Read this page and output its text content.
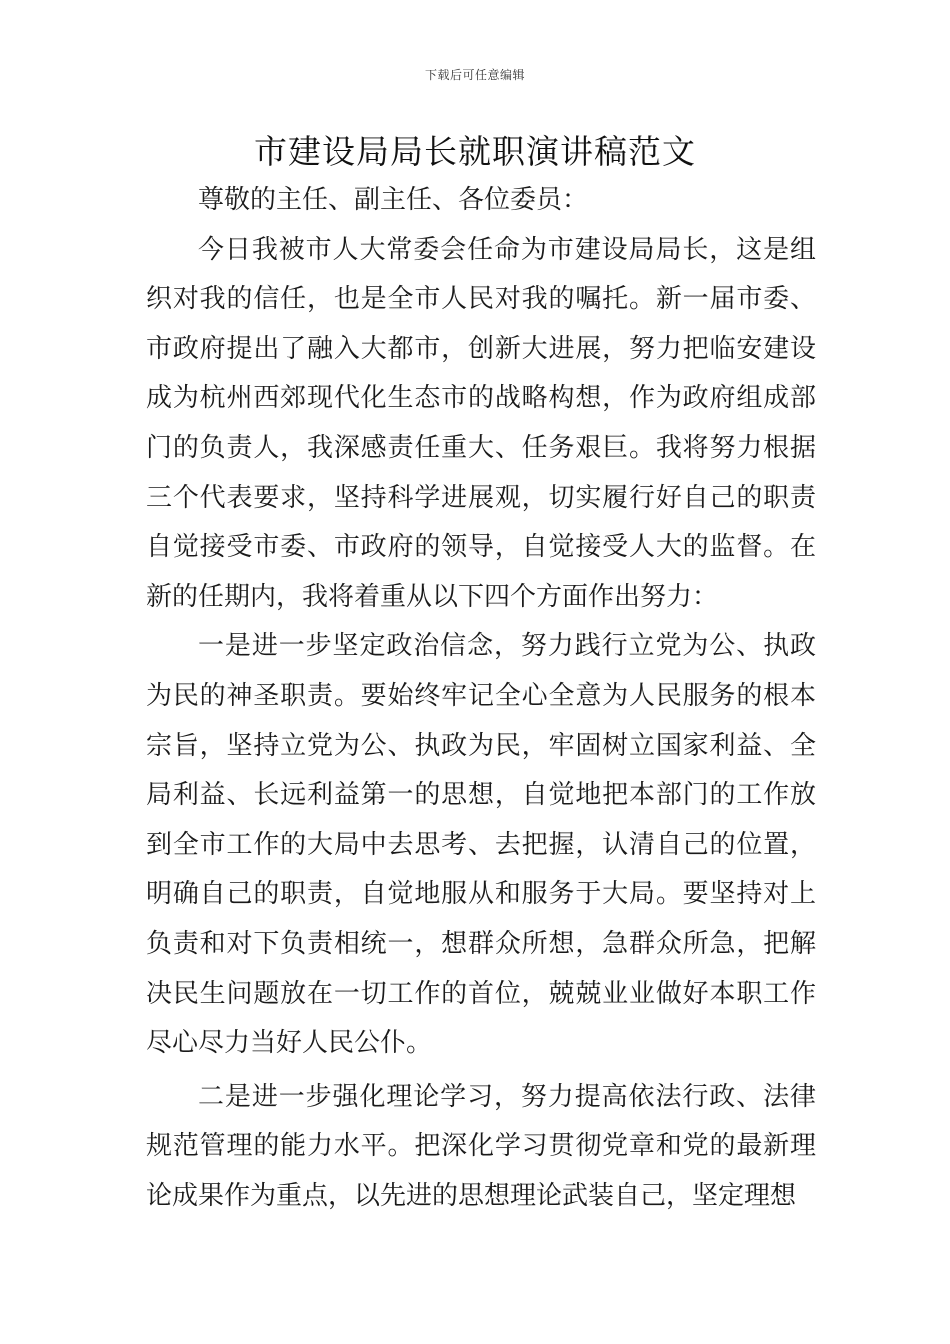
下载后可任意编辑
市建设局局长就职演讲稿范文

尊敬的主任、副主任、各位委员：

今日我被市人大常委会任命为市建设局局长，这是组织对我的信任，也是全市人民对我的嘱托。新一届市委、市政府提出了融入大都市，创新大进展，努力把临安建设成为杭州西郊现代化生态市的战略构想，作为政府组成部门的负责人，我深感责任重大、任务艰巨。我将努力根据三个代表要求，坚持科学进展观，切实履行好自己的职责自觉接受市委、市政府的领导，自觉接受人大的监督。在新的任期内，我将着重从以下四个方面作出努力：

一是进一步坚定政治信念，努力践行立党为公、执政为民的神圣职责。要始终牢记全心全意为人民服务的根本宗旨，坚持立党为公、执政为民，牢固树立国家利益、全局利益、长远利益第一的思想，自觉地把本部门的工作放到全市工作的大局中去思考、去把握，认清自己的位置，明确自己的职责，自觉地服从和服务于大局。要坚持对上负责和对下负责相统一，想群众所想，急群众所急，把解决民生问题放在一切工作的首位，兢兢业业做好本职工作尽心尽力当好人民公仆。

二是进一步强化理论学习，努力提高依法行政、法律规范管理的能力水平。把深化学习贯彻党章和党的最新理论成果作为重点，以先进的思想理论武装自己，坚定理想
